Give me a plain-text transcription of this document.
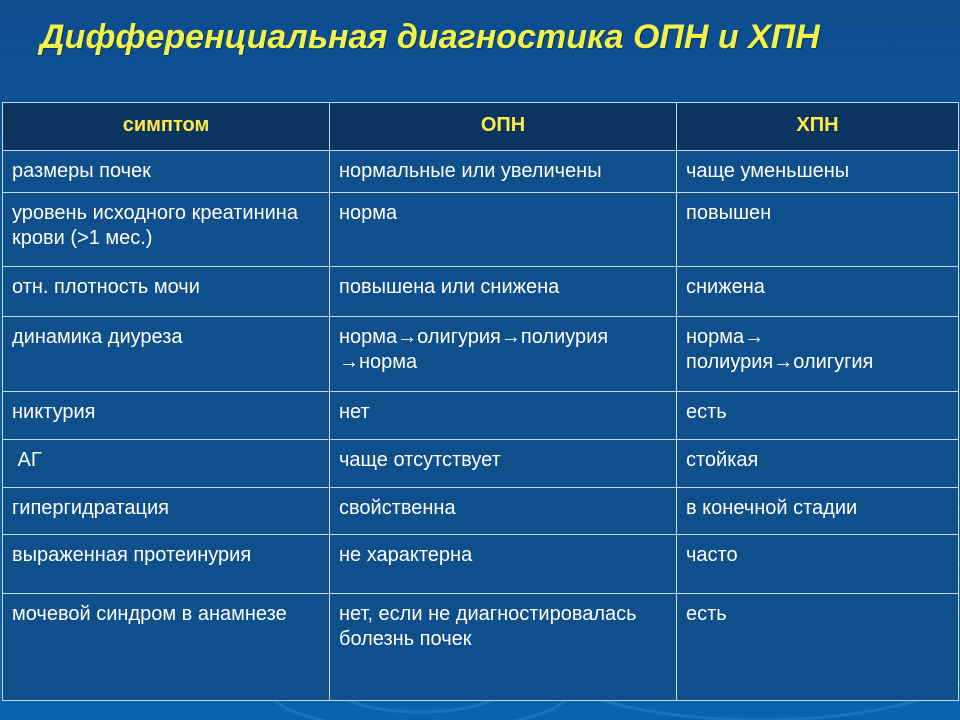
Дифференциальная диагностика ОПН и ХПН
симптом	ОПН	ХПН
размеры почек	нормальные или увеличены	чаще уменьшены
уровень исходного креатинина крови (>1 мес.)	норма	повышен
отн. плотность мочи	повышена или снижена	снижена
динамика диуреза	норма→олигурия→полиурия →норма	норма→ полиурия→олигугия
никтурия	нет	есть
АГ	чаще отсутствует	стойкая
гипергидратация	свойственна	в конечной стадии
выраженная протеинурия	не характерна	часто
мочевой синдром в анамнезе	нет, если не диагностировалась болезнь почек	есть
